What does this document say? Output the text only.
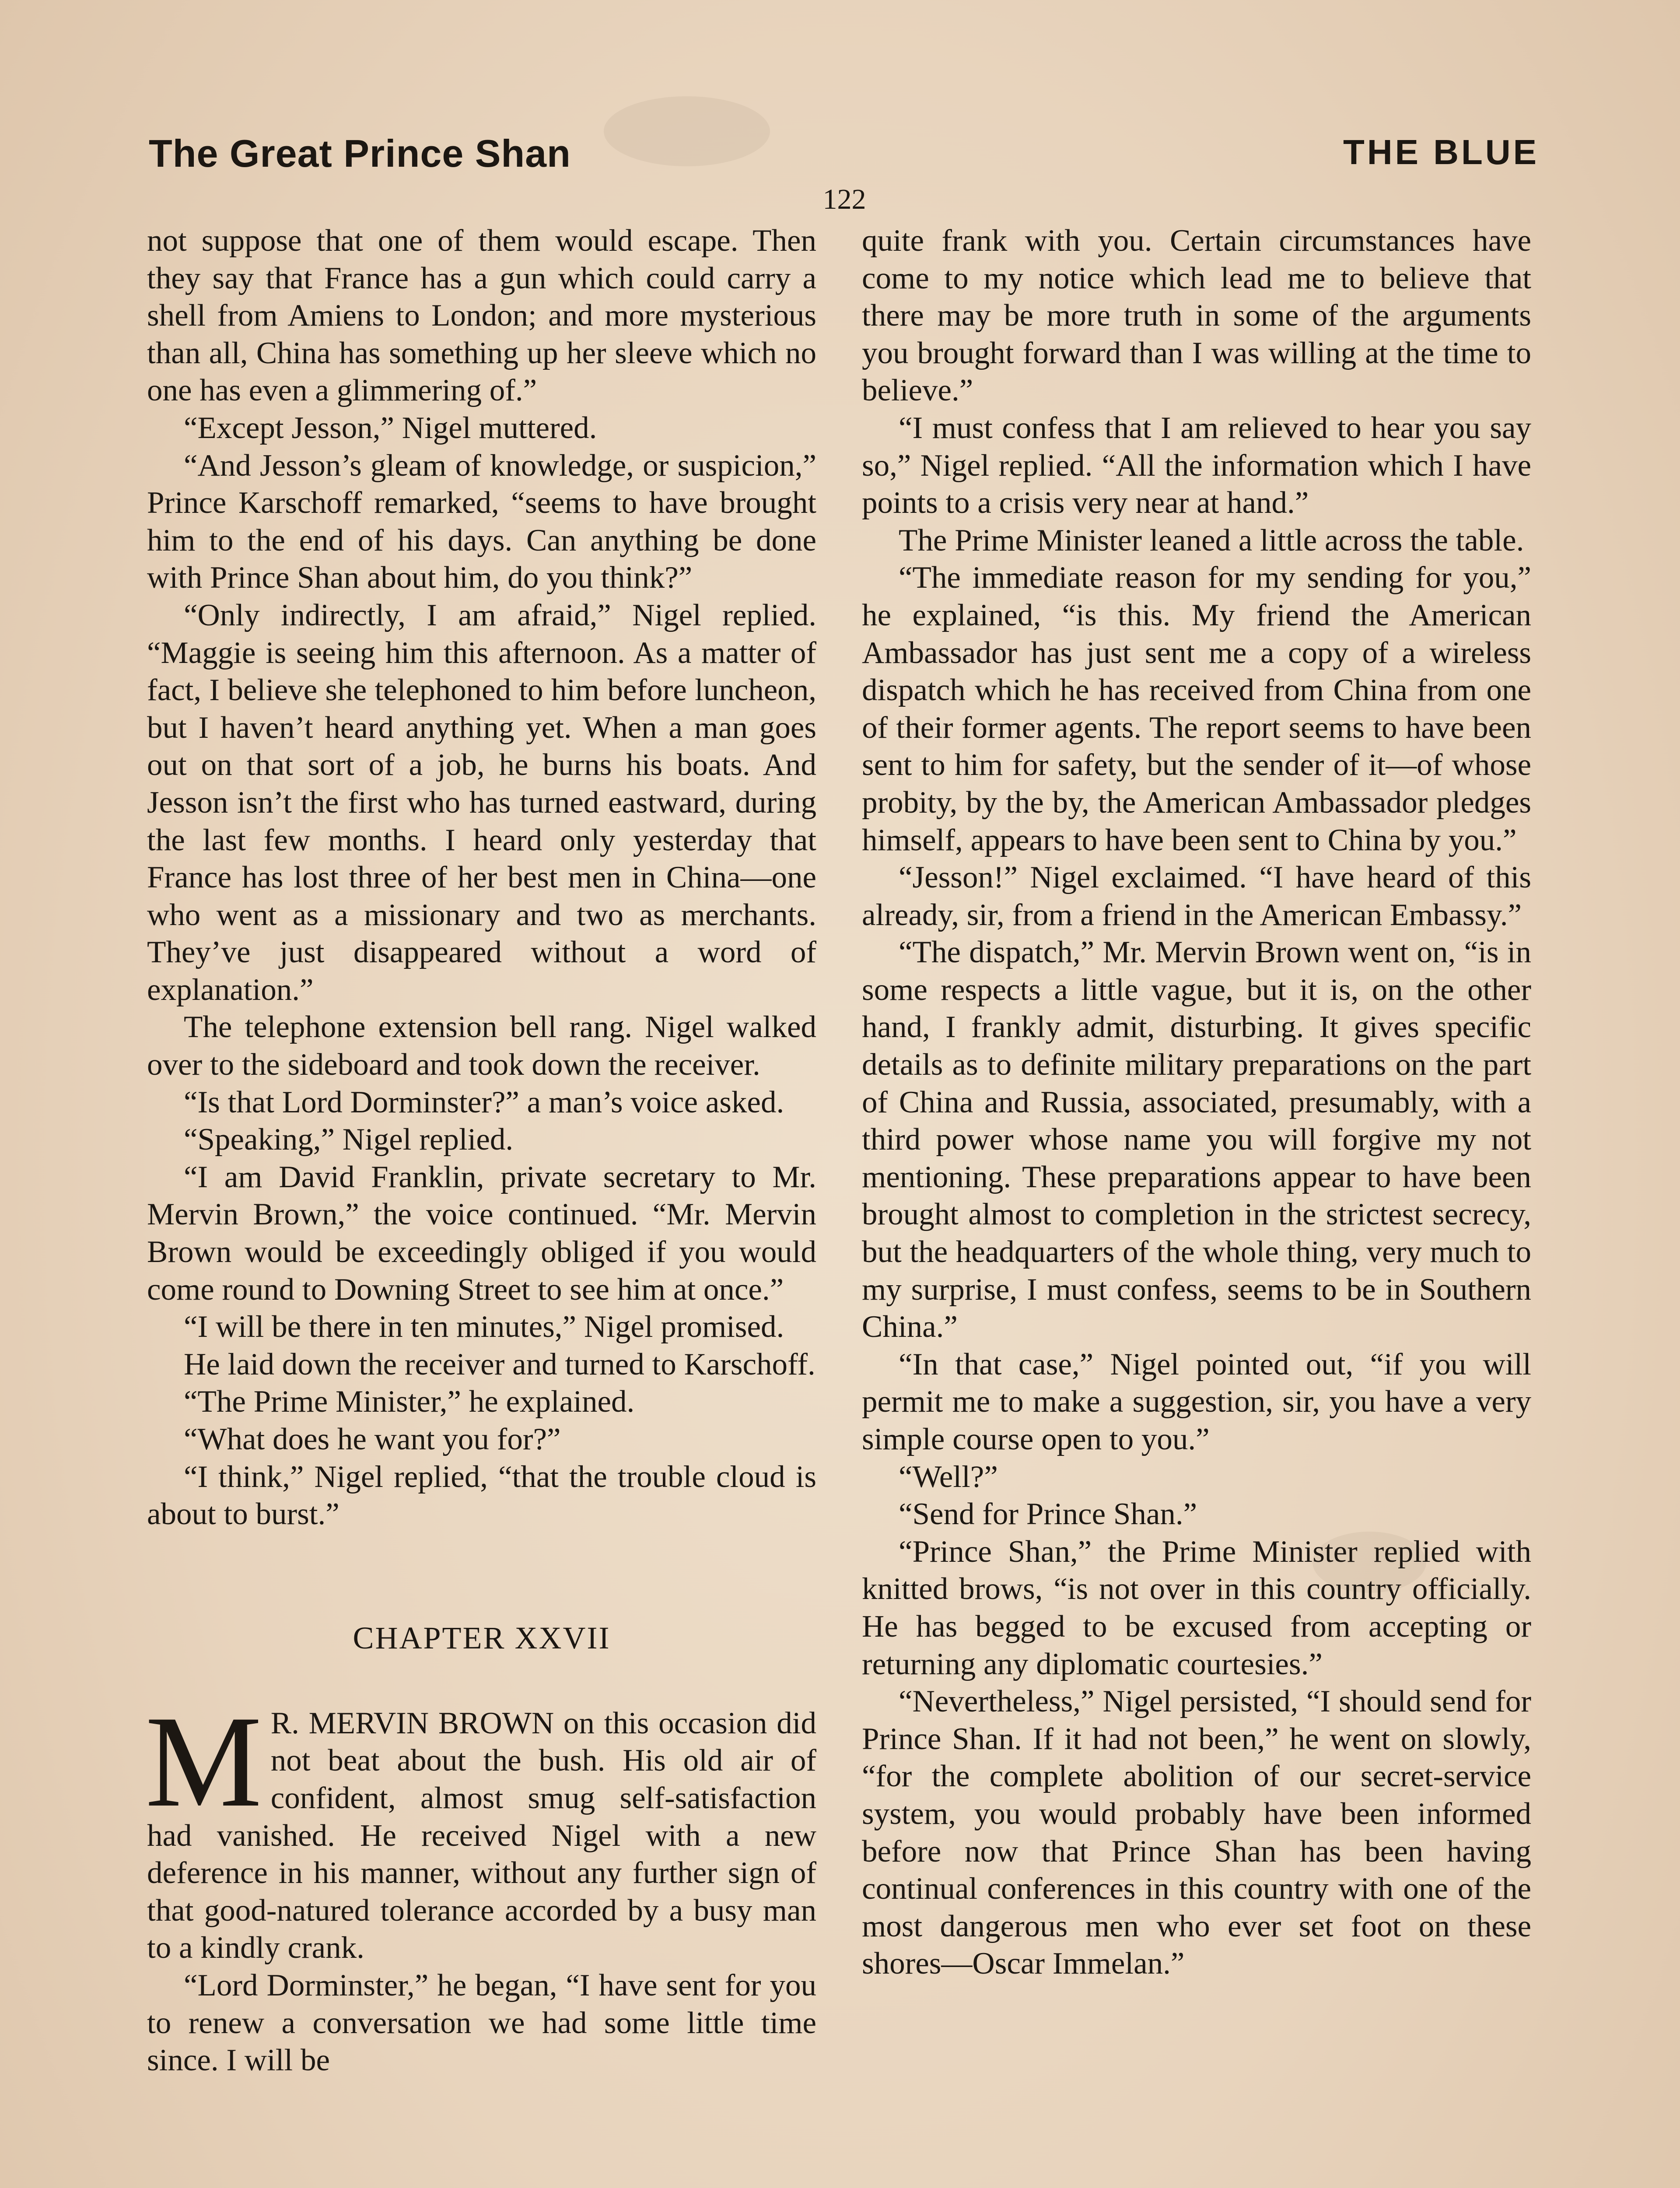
The Great Prince Shan	THE BLUE
122

not suppose that one of them would escape. Then they say that France has a gun which could carry a shell from Amiens to London; and more mysterious than all, China has something up her sleeve which no one has even a glimmering of.”

“Except Jesson,” Nigel muttered.

“And Jesson’s gleam of knowledge, or suspicion,” Prince Karschoff remarked, “seems to have brought him to the end of his days. Can anything be done with Prince Shan about him, do you think?”

“Only indirectly, I am afraid,” Nigel replied. “Maggie is seeing him this afternoon. As a matter of fact, I believe she telephoned to him before luncheon, but I haven’t heard anything yet. When a man goes out on that sort of a job, he burns his boats. And Jesson isn’t the first who has turned eastward, during the last few months. I heard only yesterday that France has lost three of her best men in China—one who went as a missionary and two as merchants. They’ve just disappeared without a word of explanation.”

The telephone extension bell rang. Nigel walked over to the sideboard and took down the receiver.

“Is that Lord Dorminster?” a man’s voice asked.

“Speaking,” Nigel replied.

“I am David Franklin, private secretary to Mr. Mervin Brown,” the voice continued. “Mr. Mervin Brown would be exceedingly obliged if you would come round to Downing Street to see him at once.”

“I will be there in ten minutes,” Nigel promised.

He laid down the receiver and turned to Karschoff.

“The Prime Minister,” he explained.

“What does he want you for?”

“I think,” Nigel replied, “that the trouble cloud is about to burst.”

CHAPTER XXVII

M R. MERVIN BROWN on this occasion did not beat about the bush. His old air of confident, almost smug self-satisfaction had vanished. He received Nigel with a new deference in his manner, without any further sign of that good-natured tolerance accorded by a busy man to a kindly crank.

“Lord Dorminster,” he began, “I have sent for you to renew a conversation we had some little time since. I will be

quite frank with you. Certain circumstances have come to my notice which lead me to believe that there may be more truth in some of the arguments you brought forward than I was willing at the time to believe.”

“I must confess that I am relieved to hear you say so,” Nigel replied. “All the information which I have points to a crisis very near at hand.”

The Prime Minister leaned a little across the table.

“The immediate reason for my sending for you,” he explained, “is this. My friend the American Ambassador has just sent me a copy of a wireless dispatch which he has received from China from one of their former agents. The report seems to have been sent to him for safety, but the sender of it—of whose probity, by the by, the American Ambassador pledges himself, appears to have been sent to China by you.”

“Jesson!” Nigel exclaimed. “I have heard of this already, sir, from a friend in the American Embassy.”

“The dispatch,” Mr. Mervin Brown went on, “is in some respects a little vague, but it is, on the other hand, I frankly admit, disturbing. It gives specific details as to definite military preparations on the part of China and Russia, associated, presumably, with a third power whose name you will forgive my not mentioning. These preparations appear to have been brought almost to completion in the strictest secrecy, but the headquarters of the whole thing, very much to my surprise, I must confess, seems to be in Southern China.”

“In that case,” Nigel pointed out, “if you will permit me to make a suggestion, sir, you have a very simple course open to you.”

“Well?”

“Send for Prince Shan.”

“Prince Shan,” the Prime Minister replied with knitted brows, “is not over in this country officially. He has begged to be excused from accepting or returning any diplomatic courtesies.”

“Nevertheless,” Nigel persisted, “I should send for Prince Shan. If it had not been,” he went on slowly, “for the complete abolition of our secret-service system, you would probably have been informed before now that Prince Shan has been having continual conferences in this country with one of the most dangerous men who ever set foot on these shores—Oscar Immelan.”
